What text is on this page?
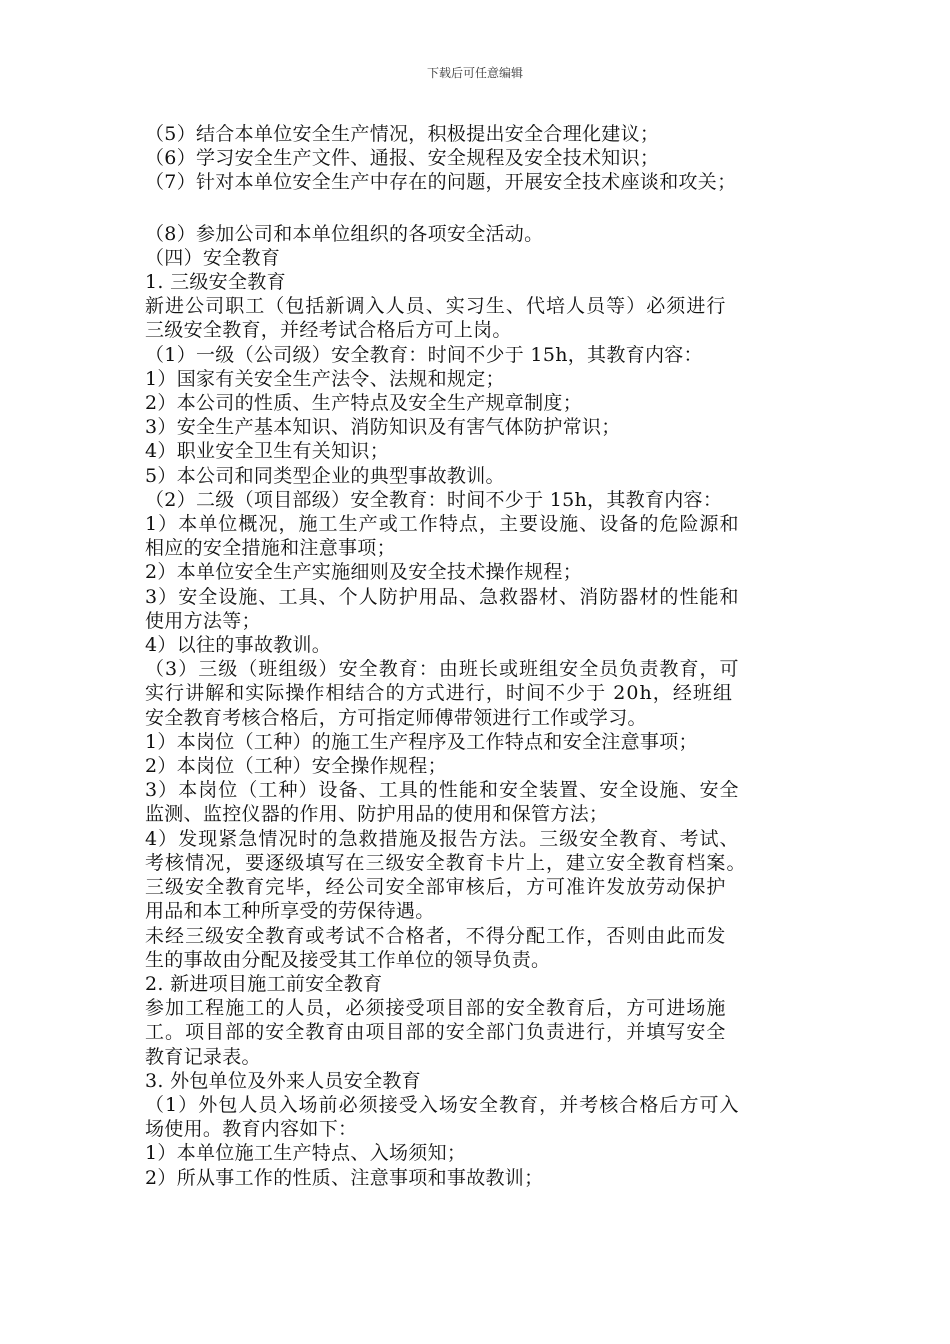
下载后可任意编辑
（5）结合本单位安全生产情况，积极提出安全合理化建议；
（6）学习安全生产文件、通报、安全规程及安全技术知识；
（7）针对本单位安全生产中存在的问题，开展安全技术座谈和攻关；
（8）参加公司和本单位组织的各项安全活动。
（四）安全教育
1. 三级安全教育
新进公司职工（包括新调入人员、实习生、代培人员等）必须进行
三级安全教育，并经考试合格后方可上岗。
（1）一级（公司级）安全教育：时间不少于 15h，其教育内容：
1）国家有关安全生产法令、法规和规定；
2）本公司的性质、生产特点及安全生产规章制度；
3）安全生产基本知识、消防知识及有害气体防护常识；
4）职业安全卫生有关知识；
5）本公司和同类型企业的典型事故教训。
（2）二级（项目部级）安全教育：时间不少于 15h，其教育内容：
1）本单位概况，施工生产或工作特点，主要设施、设备的危险源和
相应的安全措施和注意事项；
2）本单位安全生产实施细则及安全技术操作规程；
3）安全设施、工具、个人防护用品、急救器材、消防器材的性能和
使用方法等；
4）以往的事故教训。
（3）三级（班组级）安全教育：由班长或班组安全员负责教育，可
实行讲解和实际操作相结合的方式进行，时间不少于 20h，经班组
安全教育考核合格后，方可指定师傅带领进行工作或学习。
1）本岗位（工种）的施工生产程序及工作特点和安全注意事项；
2）本岗位（工种）安全操作规程；
3）本岗位（工种）设备、工具的性能和安全装置、安全设施、安全
监测、监控仪器的作用、防护用品的使用和保管方法；
4）发现紧急情况时的急救措施及报告方法。三级安全教育、考试、
考核情况，要逐级填写在三级安全教育卡片上，建立安全教育档案。
三级安全教育完毕，经公司安全部审核后，方可准许发放劳动保护
用品和本工种所享受的劳保待遇。
未经三级安全教育或考试不合格者，不得分配工作，否则由此而发
生的事故由分配及接受其工作单位的领导负责。
2. 新进项目施工前安全教育
参加工程施工的人员，必须接受项目部的安全教育后，方可进场施
工。项目部的安全教育由项目部的安全部门负责进行，并填写安全
教育记录表。
3. 外包单位及外来人员安全教育
（1）外包人员入场前必须接受入场安全教育，并考核合格后方可入
场使用。教育内容如下：
1）本单位施工生产特点、入场须知；
2）所从事工作的性质、注意事项和事故教训；
